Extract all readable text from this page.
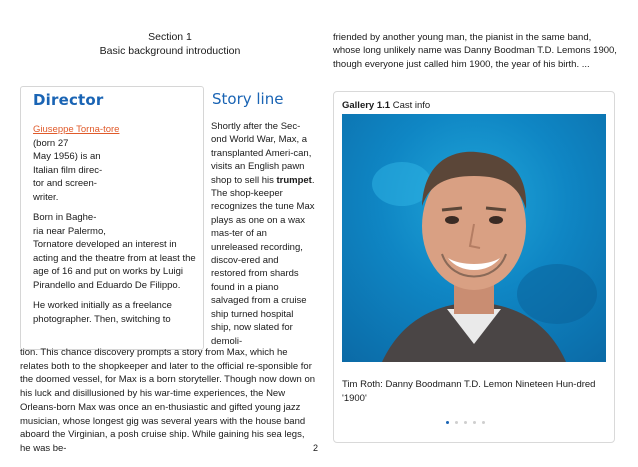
Section 1
Basic background introduction
Director

Giuseppe Torna-tore (born 27
May 1956) is an
Italian film direc-
tor and screen-
writer.

Born in Baghe-
ria near Palermo,

Tornatore developed an interest in acting and the theatre from at least the age of 16 and put on works by Luigi Pirandello and Eduardo De Filippo.

He worked initially as a freelance photographer. Then, switching to

Story line
Shortly after the Sec-ond World War, Max, a transplanted Ameri-can, visits an English pawn shop to sell his trumpet. The shop-keeper recognizes the tune Max plays as one on a wax mas-ter of an unreleased recording, discov-ered and restored from shards found in a piano salvaged from a cruise ship turned hospital ship, now slated for demoli-
tion. This chance discovery prompts a story from Max, which he relates both to the shopkeeper and later to the official re-sponsible for the doomed vessel, for Max is a born storyteller. Though now down on his luck and disillusioned by his war-time experiences, the New Orleans-born Max was once an en-thusiastic and gifted young jazz musician, whose longest gig was several years with the house band aboard the Virginian, a posh cruise ship. While gaining his sea legs, he was be-
friended by another young man, the pianist in the same band, whose long unlikely name was Danny Boodman T.D. Lemons 1900, though everyone just called him 1900, the year of his birth. ...
Gallery 1.1 Cast info
Tim Roth: Danny Boodmann T.D. Lemon Nineteen Hun-dred '1900'
2
